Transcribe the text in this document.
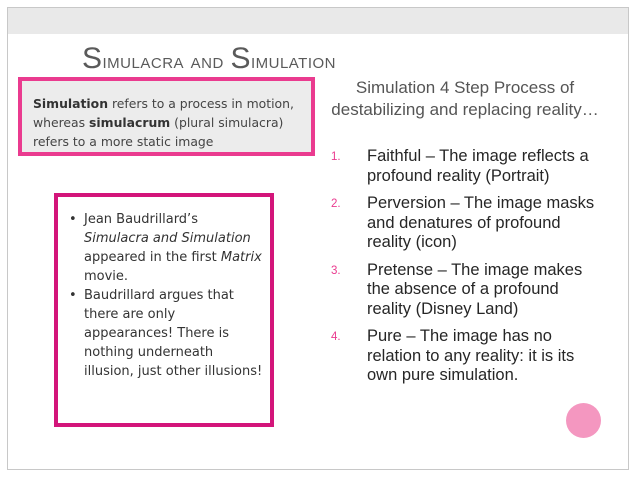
Simulacra and Simulation
Simulation refers to a process in motion, whereas simulacrum (plural simulacra) refers to a more static image
• Jean Baudrillard’s Simulacra and Simulation appeared in the first Matrix movie.
• Baudrillard argues that there are only appearances! There is nothing underneath illusion, just other illusions!
Simulation 4 Step Process of destabilizing and replacing reality…
1. Faithful – The image reflects a profound reality (Portrait)
2. Perversion – The image masks and denatures of profound reality (icon)
3. Pretense – The image makes the absence of a profound reality (Disney Land)
4. Pure – The image has no relation to any reality: it is its own pure simulation.
